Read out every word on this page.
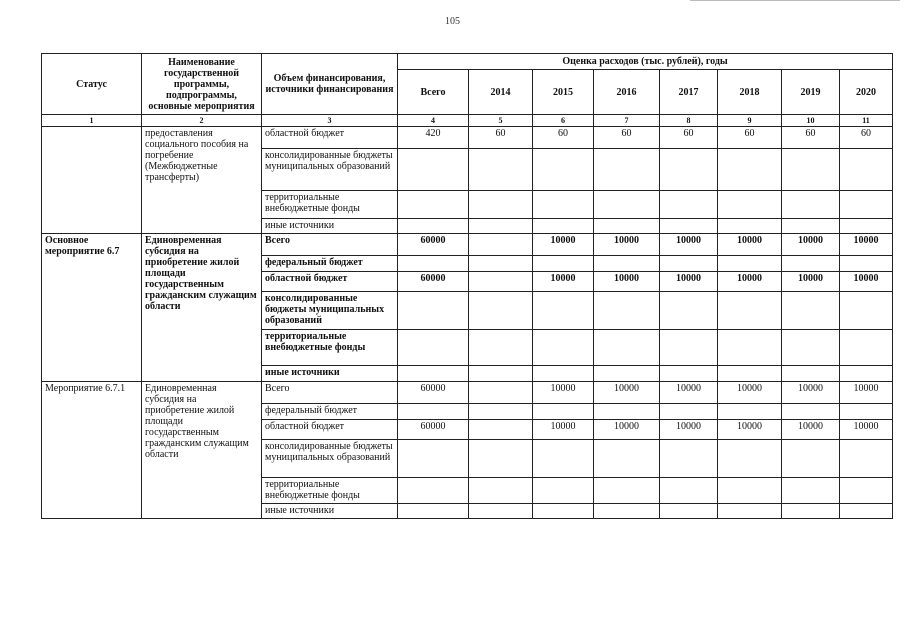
105
Статус	Наименование государственной программы, подпрограммы, основные мероприятия	Объем финансирования, источники финансирования	Оценка расходов (тыс. рублей), годы							
			Всего	2014	2015	2016	2017	2018	2019	2020
1	2	3	4	5	6	7	8	9	10	11
	предоставления социального пособия на погребение (Межбюджетные трансферты)	областной бюджет	420	60	60	60	60	60	60	60
		консолидированные бюджеты муниципальных образований								
		территориальные внебюджетные фонды								
		иные источники								
Основное мероприятие 6.7	Единовременная субсидия на приобретение жилой площади государственным гражданским служащим области	Всего	60000		10000	10000	10000	10000	10000	10000
		федеральный бюджет								
		областной бюджет	60000		10000	10000	10000	10000	10000	10000
		консолидированные бюджеты муниципальных образований								
		территориальные внебюджетные фонды								
		иные источники								
Мероприятие 6.7.1	Единовременная субсидия на приобретение жилой площади государственным гражданским служащим области	Всего	60000		10000	10000	10000	10000	10000	10000
		федеральный бюджет								
		областной бюджет	60000		10000	10000	10000	10000	10000	10000
		консолидированные бюджеты муниципальных образований								
		территориальные внебюджетные фонды								
		иные источники								
